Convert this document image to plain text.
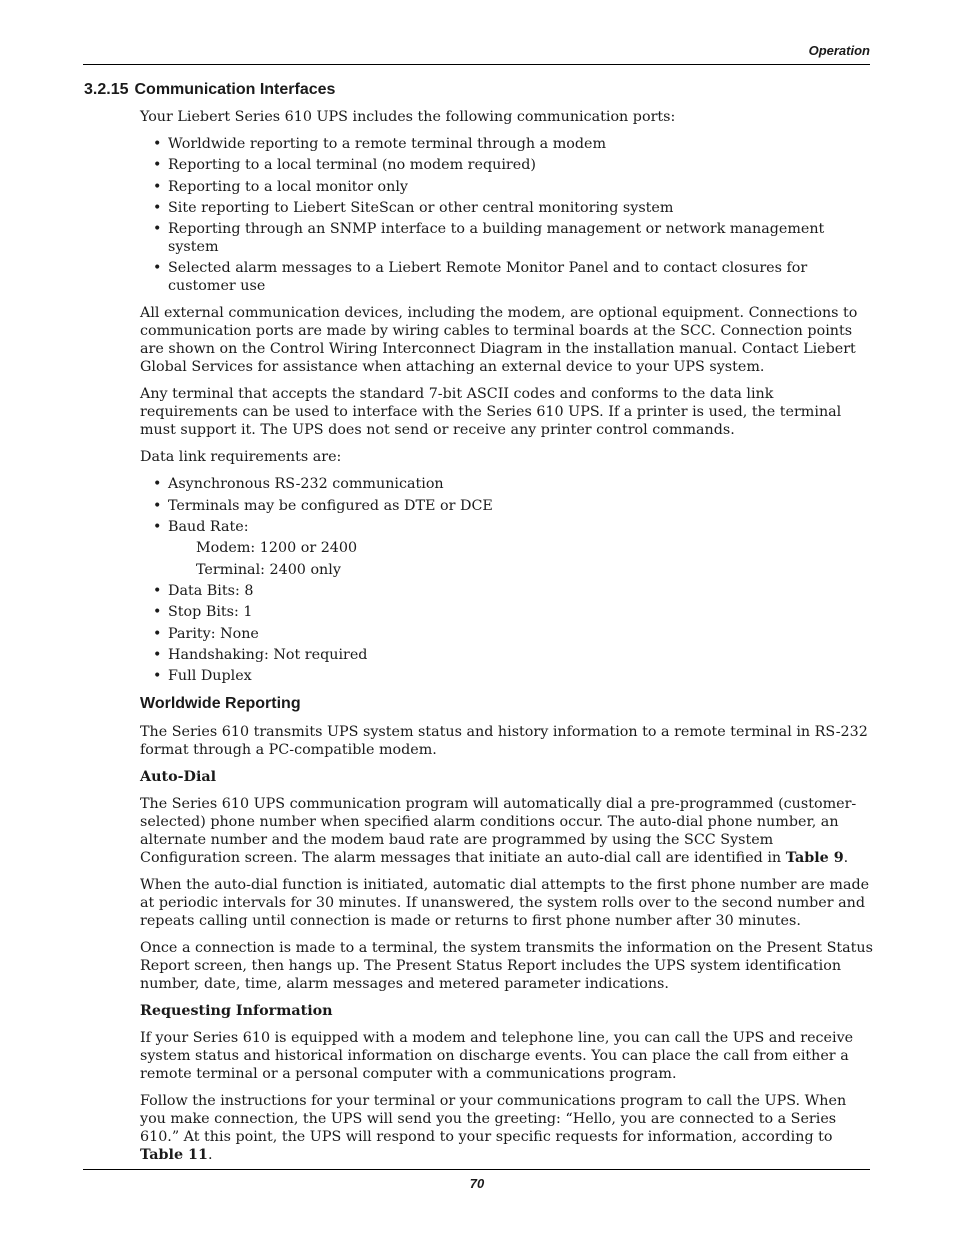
Operation
3.2.15 Communication Interfaces

Your Liebert Series 610 UPS includes the following communication ports:

• Worldwide reporting to a remote terminal through a modem
• Reporting to a local terminal (no modem required)
• Reporting to a local monitor only
• Site reporting to Liebert SiteScan or other central monitoring system
• Reporting through an SNMP interface to a building management or network management system
• Selected alarm messages to a Liebert Remote Monitor Panel and to contact closures for customer use

All external communication devices, including the modem, are optional equipment. Connections to communication ports are made by wiring cables to terminal boards at the SCC. Connection points are shown on the Control Wiring Interconnect Diagram in the installation manual. Contact Liebert Global Services for assistance when attaching an external device to your UPS system.

Any terminal that accepts the standard 7-bit ASCII codes and conforms to the data link requirements can be used to interface with the Series 610 UPS. If a printer is used, the terminal must support it. The UPS does not send or receive any printer control commands.

Data link requirements are:

• Asynchronous RS-232 communication
• Terminals may be configured as DTE or DCE
• Baud Rate:
Modem: 1200 or 2400
Terminal: 2400 only
• Data Bits: 8
• Stop Bits: 1
• Parity: None
• Handshaking: Not required
• Full Duplex
Worldwide Reporting

The Series 610 transmits UPS system status and history information to a remote terminal in RS-232 format through a PC-compatible modem.

Auto-Dial

The Series 610 UPS communication program will automatically dial a pre-programmed (customer-selected) phone number when specified alarm conditions occur. The auto-dial phone number, an alternate number and the modem baud rate are programmed by using the SCC System Configuration screen. The alarm messages that initiate an auto-dial call are identified in Table 9.

When the auto-dial function is initiated, automatic dial attempts to the first phone number are made at periodic intervals for 30 minutes. If unanswered, the system rolls over to the second number and repeats calling until connection is made or returns to first phone number after 30 minutes.

Once a connection is made to a terminal, the system transmits the information on the Present Status Report screen, then hangs up. The Present Status Report includes the UPS system identification number, date, time, alarm messages and metered parameter indications.

Requesting Information

If your Series 610 is equipped with a modem and telephone line, you can call the UPS and receive system status and historical information on discharge events. You can place the call from either a remote terminal or a personal computer with a communications program.

Follow the instructions for your terminal or your communications program to call the UPS. When you make connection, the UPS will send you the greeting: “Hello, you are connected to a Series 610.” At this point, the UPS will respond to your specific requests for information, according to Table 11.

70
